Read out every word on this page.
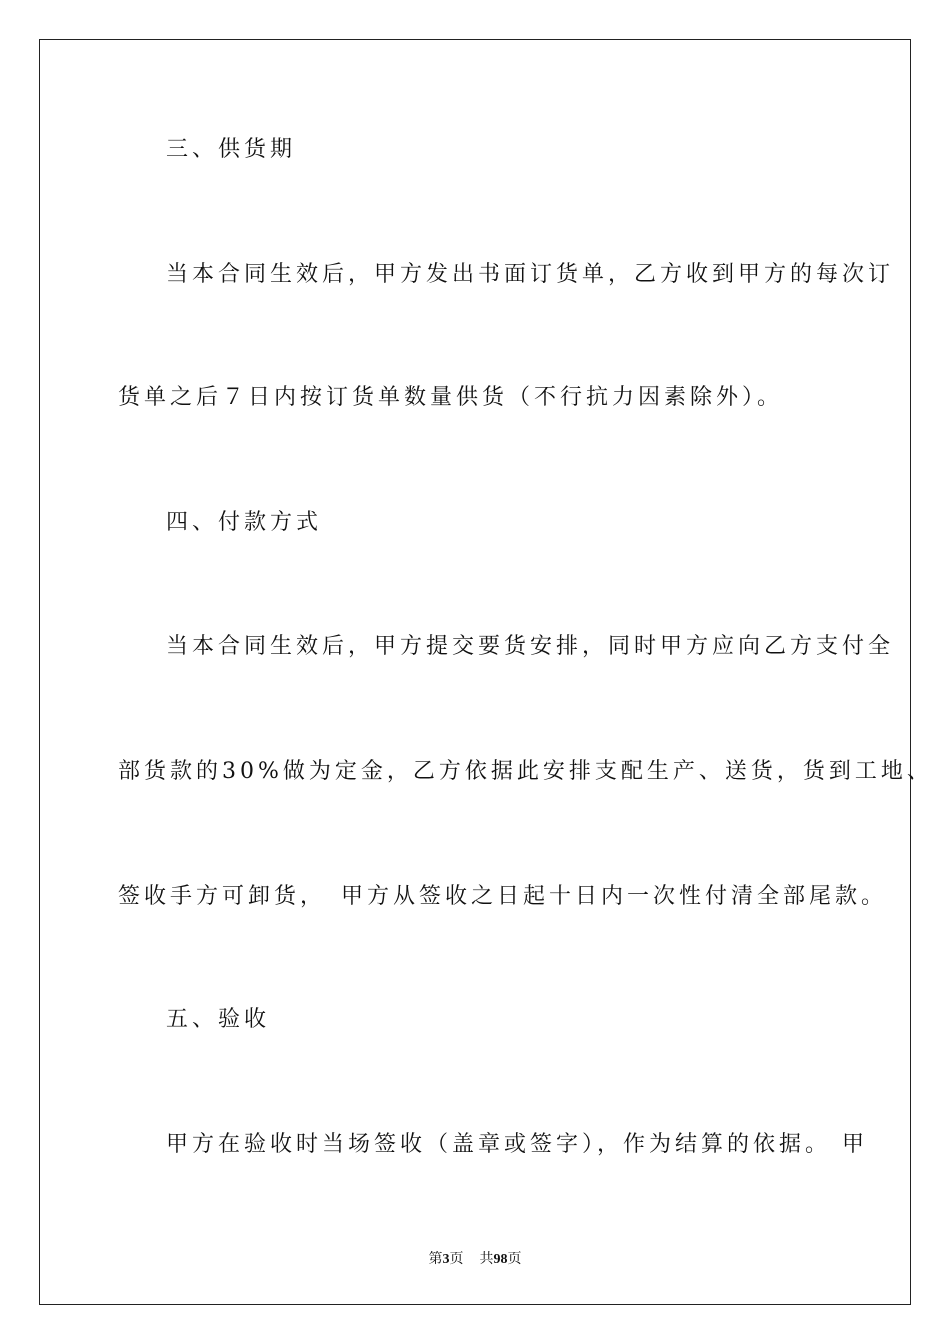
三、供货期
当本合同生效后，甲方发出书面订货单，乙方收到甲方的每次订
货单之后７日内按订货单数量供货（不行抗力因素除外）。
四、付款方式
当本合同生效后，甲方提交要货安排，同时甲方应向乙方支付全
部货款的30%做为定金，乙方依据此安排支配生产、送货，货到工地、
签收手方可卸货，　甲方从签收之日起十日内一次性付清全部尾款。
五、验收
甲方在验收时当场签收（盖章或签字），作为结算的依据。 甲
第3页 共98页
